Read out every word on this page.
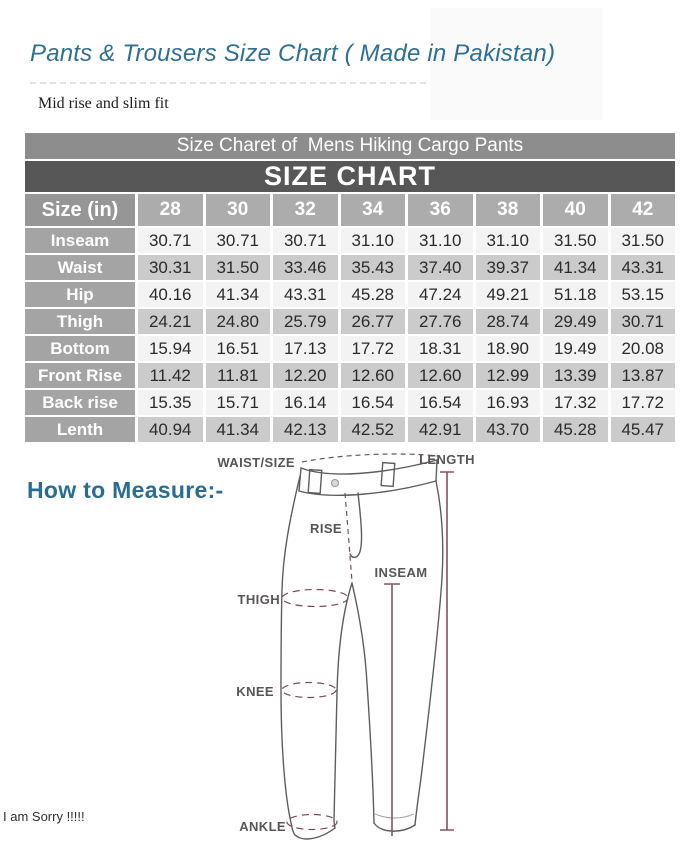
Pants & Trousers Size Chart ( Made in Pakistan)
Mid rise and slim fit
Size Charet of  Mens Hiking Cargo Pants								
SIZE CHART								
Size (in)	28	30	32	34	36	38	40	42
Inseam	30.71	30.71	30.71	31.10	31.10	31.10	31.50	31.50
Waist	30.31	31.50	33.46	35.43	37.40	39.37	41.34	43.31
Hip	40.16	41.34	43.31	45.28	47.24	49.21	51.18	53.15
Thigh	24.21	24.80	25.79	26.77	27.76	28.74	29.49	30.71
Bottom	15.94	16.51	17.13	17.72	18.31	18.90	19.49	20.08
Front Rise	11.42	11.81	12.20	12.60	12.60	12.99	13.39	13.87
Back rise	15.35	15.71	16.14	16.54	16.54	16.93	17.32	17.72
Lenth	40.94	41.34	42.13	42.52	42.91	43.70	45.28	45.47
How to Measure:-
WAIST/SIZE	LENGTH
RISE
INSEAM
THIGH
KNEE
ANKLE
I am Sorry !!!!!
